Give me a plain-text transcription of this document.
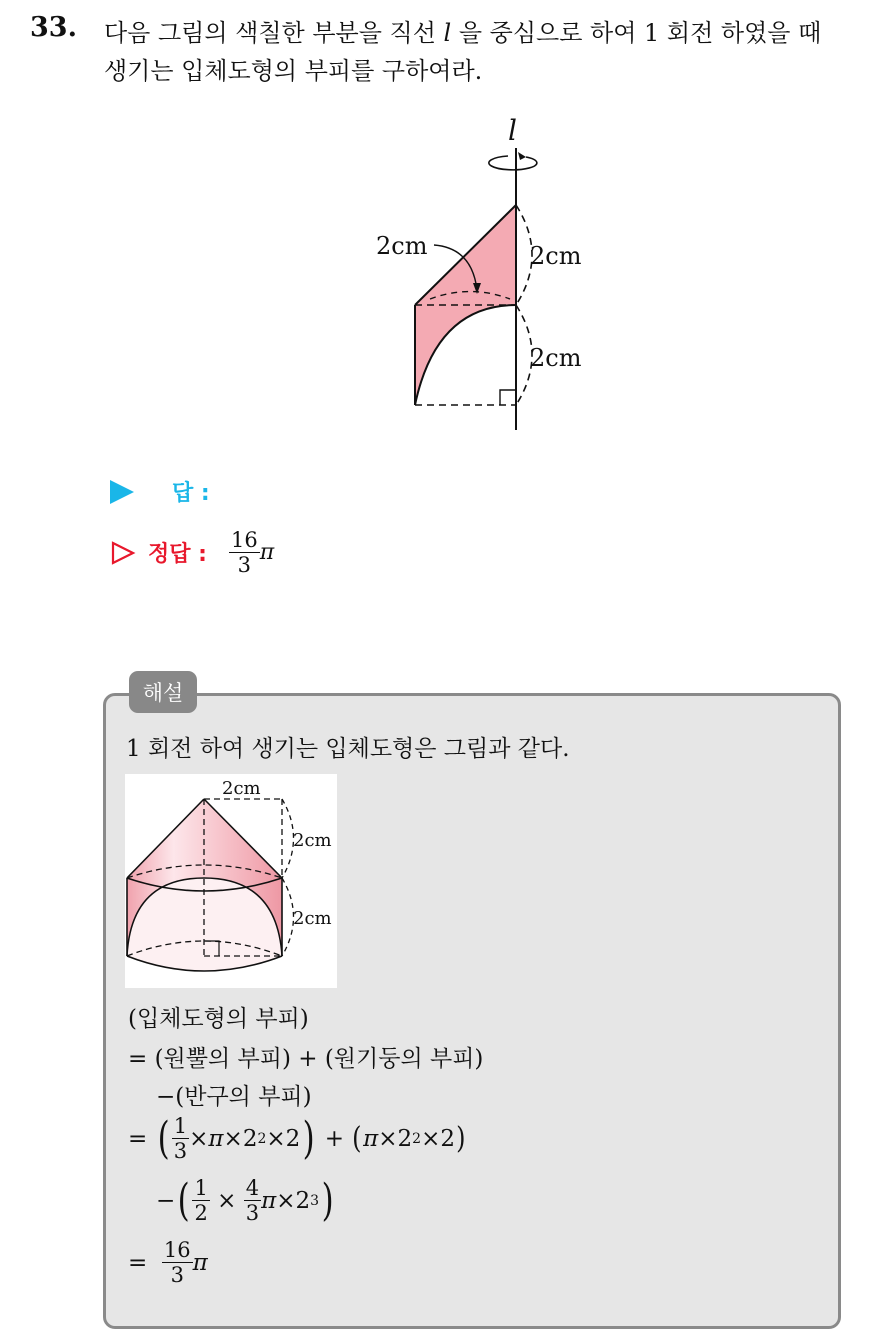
33. 다음 그림의 색칠한 부분을 직선 l 을 중심으로 하여 1 회전 하였을 때
생기는 입체도형의 부피를 구하여라.
l
2cm	2cm
2cm
답 :
정답 : $\frac{16}{3}$ π
해설
1 회전 하여 생기는 입체도형은 그림과 같다.
2cm
2cm
2cm
(입체도형의 부피)
= (원뿔의 부피) + (원기둥의 부피)
−(반구의 부피)
=
( $\frac{1}{3} \times \pi \times 2$ 2 × 2 )
+
( π × 2 2 × 2 )
− ( $\frac{1}{2}$
×
$\frac{4}{3}$ π × 2 3 )
=
$\frac{16}{3}$ π
